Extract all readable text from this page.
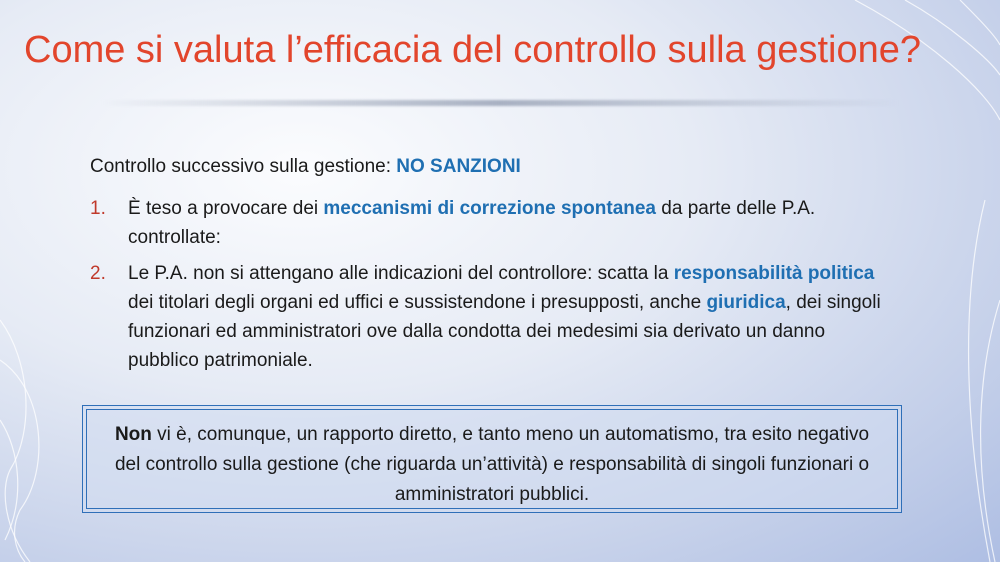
Come si valuta l’efficacia del controllo sulla gestione?

Controllo successivo sulla gestione: NO SANZIONI

1. È teso a provocare dei meccanismi di correzione spontanea da parte delle P.A. controllate:
2. Le P.A. non si attengano alle indicazioni del controllore: scatta la responsabilità politica dei titolari degli organi ed uffici e sussistendone i presupposti, anche giuridica, dei singoli funzionari ed amministratori ove dalla condotta dei medesimi sia derivato un danno pubblico patrimoniale.
Non vi è, comunque, un rapporto diretto, e tanto meno un automatismo, tra esito negativo del controllo sulla gestione (che riguarda un’attività) e responsabilità di singoli funzionari o amministratori pubblici.
